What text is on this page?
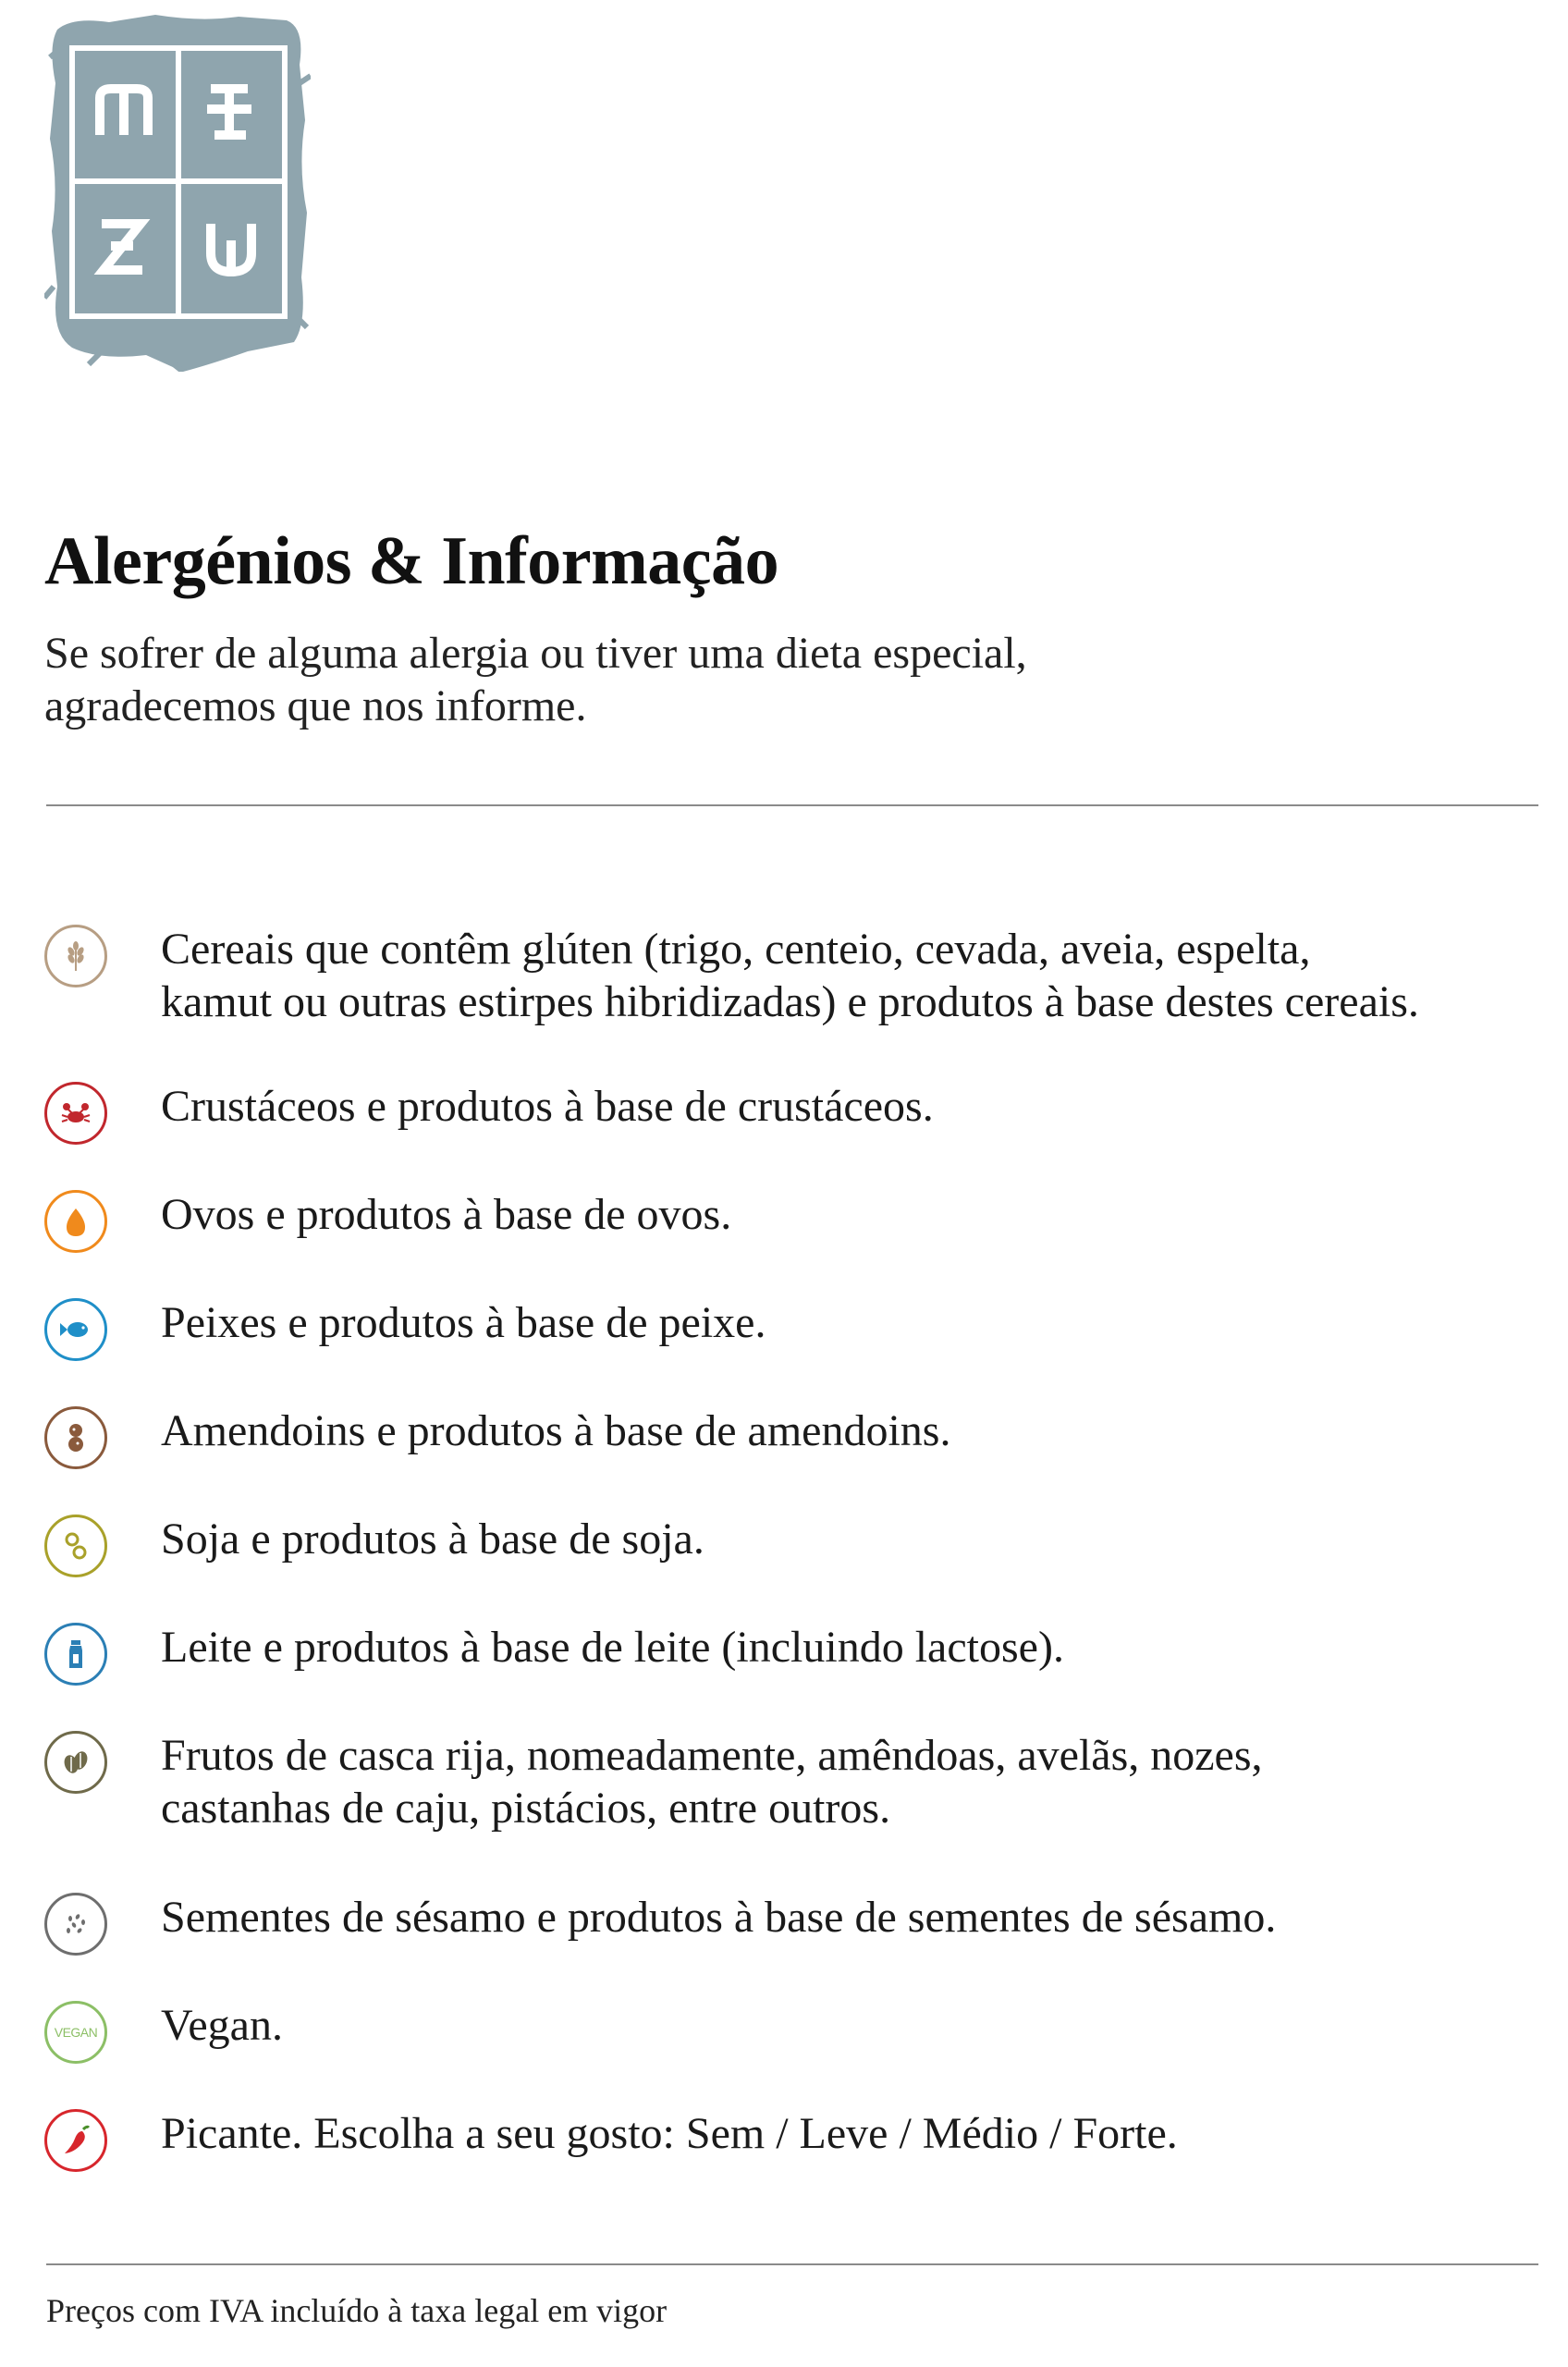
Alergénios & Informação
Se sofrer de alguma alergia ou tiver uma dieta especial,
agradecemos que nos informe.
Cereais que contêm glúten (trigo, centeio, cevada, aveia, espelta,
kamut ou outras estirpes hibridizadas) e produtos à base destes cereais.
Crustáceos e produtos à base de crustáceos.
Ovos e produtos à base de ovos.
Peixes e produtos à base de peixe.
Amendoins e produtos à base de amendoins.
Soja e produtos à base de soja.
Leite e produtos à base de leite (incluindo lactose).
Frutos de casca rija, nomeadamente, amêndoas, avelãs, nozes,
castanhas de caju, pistácios, entre outros.
Sementes de sésamo e produtos à base de sementes de sésamo.
VEGAN Vegan.
Picante. Escolha a seu gosto: Sem / Leve / Médio / Forte.
Preços com IVA incluído à taxa legal em vigor
